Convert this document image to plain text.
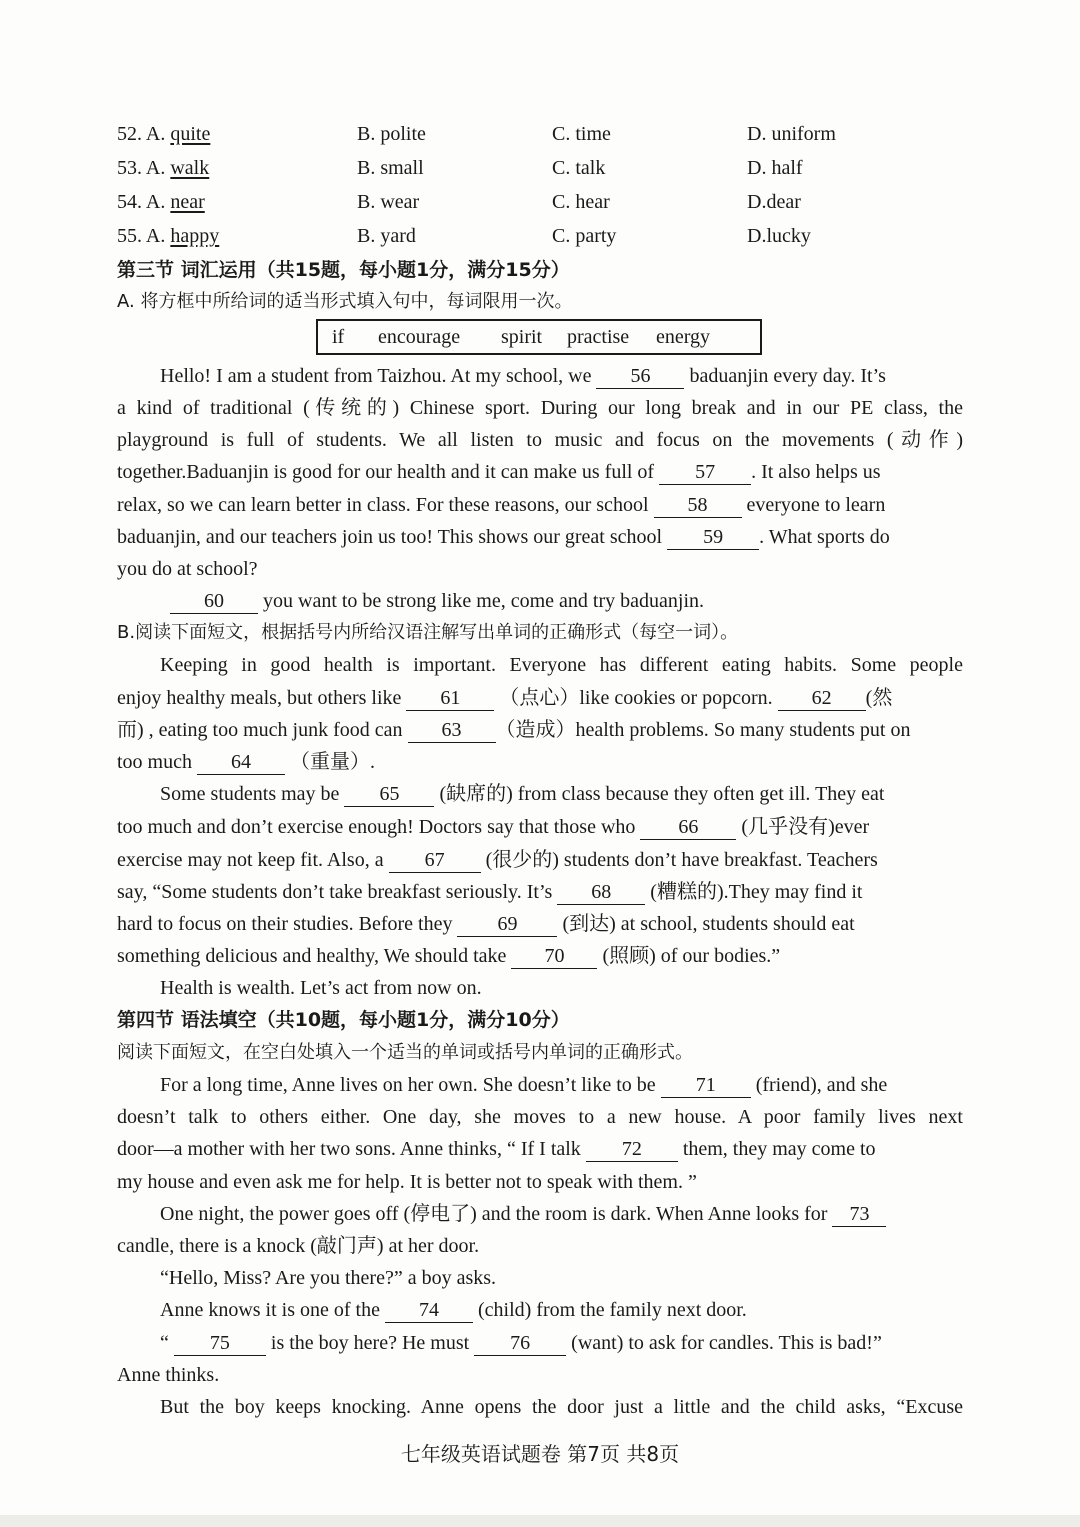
52. A. quite	B. polite	C. time	D. uniform
53. A. walk	B. small	C. talk	D. half
54. A. near	B. wear	C. hear	D.dear
55. A. happy	B. yard	C. party	D.lucky
第三节 词汇运用（共15题，每小题1分，满分15分）
A. 将方框中所给词的适当形式填入句中，每词限用一次。
if encourage spirit practise energy
Hello! I am a student from Taizhou. At my school, we 56 baduanjin every day. It’s
a kind of traditional (传统的) Chinese sport. During our long break and in our PE class, the
playground is full of students. We all listen to music and focus on the movements (动作)
together.Baduanjin is good for our health and it can make us full of 57 . It also helps us
relax, so we can learn better in class. For these reasons, our school 58 everyone to learn
baduanjin, and our teachers join us too! This shows our great school 59 . What sports do
you do at school?
60 you want to be strong like me, come and try baduanjin.
B.阅读下面短文，根据括号内所给汉语注解写出单词的正确形式（每空一词）。
Keeping in good health is important. Everyone has different eating habits. Some people
enjoy healthy meals, but others like 61 （点心）like cookies or popcorn. 62 (然
而) , eating too much junk food can 63 （造成）health problems. So many students put on
too much 64 （重量）.
Some students may be 65 (缺席的) from class because they often get ill. They eat
too much and don’t exercise enough! Doctors say that those who 66 (几乎没有)ever
exercise may not keep fit. Also, a 67 (很少的) students don’t have breakfast. Teachers
say, “Some students don’t take breakfast seriously. It’s 68 (糟糕的).They may find it
hard to focus on their studies. Before they 69 (到达) at school, students should eat
something delicious and healthy, We should take 70 (照顾) of our bodies.”
Health is wealth. Let’s act from now on.
第四节 语法填空（共10题，每小题1分，满分10分）
阅读下面短文，在空白处填入一个适当的单词或括号内单词的正确形式。
For a long time, Anne lives on her own. She doesn’t like to be 71 (friend), and she
doesn’t talk to others either. One day, she moves to a new house. A poor family lives next
door—a mother with her two sons. Anne thinks, “ If I talk 72 them, they may come to
my house and even ask me for help. It is better not to speak with them. ”
One night, the power goes off (停电了) and the room is dark. When Anne looks for 73
candle, there is a knock (敲门声) at her door.
“Hello, Miss? Are you there?” a boy asks.
Anne knows it is one of the 74 (child) from the family next door.
“ 75 is the boy here? He must 76 (want) to ask for candles. This is bad!”
Anne thinks.
But the boy keeps knocking. Anne opens the door just a little and the child asks, “Excuse
七年级英语试题卷 第7页 共8页
